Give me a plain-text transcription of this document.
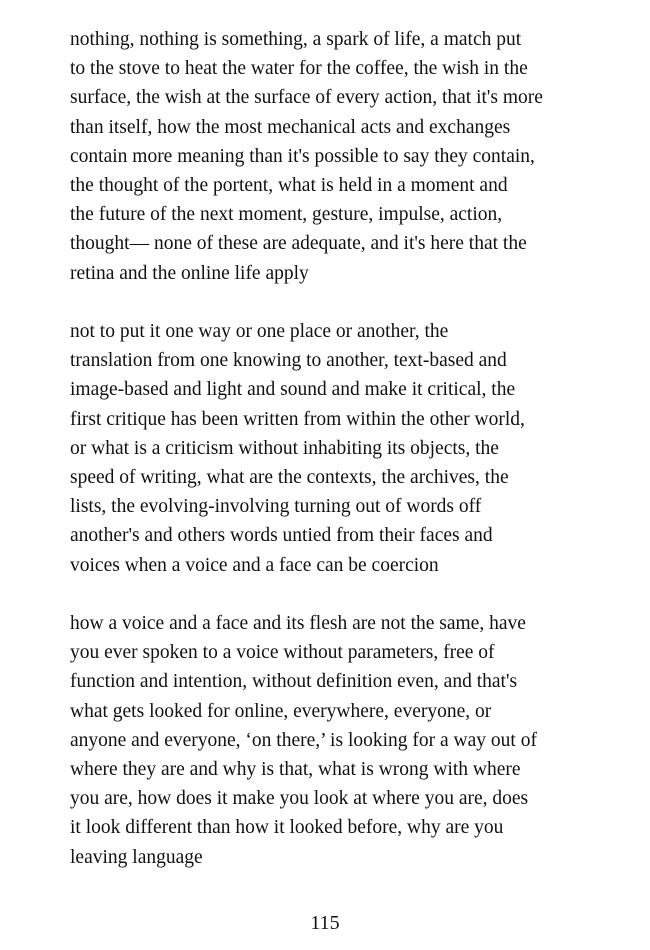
nothing, nothing is something, a spark of life, a match put
to the stove to heat the water for the coffee, the wish in the
surface, the wish at the surface of every action, that it's more
than itself, how the most mechanical acts and exchanges
contain more meaning than it's possible to say they contain,
the thought of the portent, what is held in a moment and
the future of the next moment, gesture, impulse, action,
thought— none of these are adequate, and it's here that the
retina and the online life apply

not to put it one way or one place or another, the
translation from one knowing to another, text-based and
image-based and light and sound and make it critical, the
first critique has been written from within the other world,
or what is a criticism without inhabiting its objects, the
speed of writing, what are the contexts, the archives, the
lists, the evolving-involving turning out of words off
another's and others words untied from their faces and
voices when a voice and a face can be coercion

how a voice and a face and its flesh are not the same, have
you ever spoken to a voice without parameters, free of
function and intention, without definition even, and that's
what gets looked for online, everywhere, everyone, or
anyone and everyone, ‘on there,’ is looking for a way out of
where they are and why is that, what is wrong with where
you are, how does it make you look at where you are, does
it look different than how it looked before, why are you
leaving language

115
